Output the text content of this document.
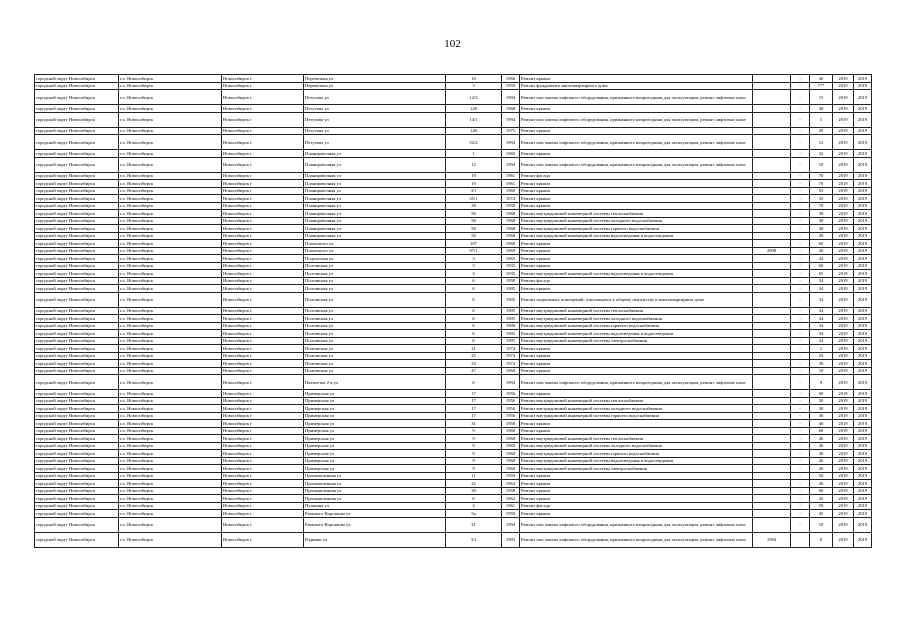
102
городской округ Новосибирск	г.о. Новосибирск	Новосибирск г	Перевозная ул	16	1966	Ремонт крыши		-	40	2019	2019
городской округ Новосибирск	г.о. Новосибирск	Новосибирск г	Перевозная ул	3	1959	Ремонт фундамента многоквартирного дома		-	77*	2019	2019
городской округ Новосибирск	г.о. Новосибирск	Новосибирск г	Петухова ул	12/3	1994	Ремонт или замена лифтового оборудования, признанного непригодным для эксплуатации, ремонт лифтовых шахт		-	15	2019	2019
городской округ Новосибирск	г.о. Новосибирск	Новосибирск г	Петухова ул	126	1968	Ремонт крыши		-	38	2019	2019
городской округ Новосибирск	г.о. Новосибирск	Новосибирск г	Петухова ул	14/1	1994	Ремонт или замена лифтового оборудования, признанного непригодным для эксплуатации, ремонт лифтовых шахт		-	5	2019	2019
городской округ Новосибирск	г.о. Новосибирск	Новосибирск г	Петухова ул	140	1975	Ремонт крыши		-	29	2019	2019
городской округ Новосибирск	г.о. Новосибирск	Новосибирск г	Петухова ул	52/2	1994	Ремонт или замена лифтового оборудования, признанного непригодным для эксплуатации, ремонт лифтовых шахт		-	12	2019	2019
городской округ Новосибирск	г.о. Новосибирск	Новосибирск г	Планировочная ул	1	1969	Ремонт крыши		-	32	2019	2019
городской округ Новосибирск	г.о. Новосибирск	Новосибирск г	Планировочная ул	12	1994	Ремонт или замена лифтового оборудования, признанного непригодным для эксплуатации, ремонт лифтовых шахт		-	10	2019	2019
городской округ Новосибирск	г.о. Новосибирск	Новосибирск г	Планировочная ул	19	1961	Ремонт фасада		-	70	2019	2019
городской округ Новосибирск	г.о. Новосибирск	Новосибирск г	Планировочная ул	19	1961	Ремонт крыши		-	70	2019	2019
городской округ Новосибирск	г.о. Новосибирск	Новосибирск г	Планировочная ул	3/1	1960	Ремонт крыши		-	55	2019	2019
городской округ Новосибирск	г.о. Новосибирск	Новосибирск г	Планировочная ул	35/1	1974	Ремонт крыши		-	35	2019	2019
городской округ Новосибирск	г.о. Новосибирск	Новосибирск г	Планировочная ул	38	1958	Ремонт крыши		-	70	2019	2019
городской округ Новосибирск	г.о. Новосибирск	Новосибирск г	Планировочная ул	56	1968	Ремонт внутридомовой инженерной системы теплоснабжения		-	38	2019	2019
городской округ Новосибирск	г.о. Новосибирск	Новосибирск г	Планировочная ул	56	1968	Ремонт внутридомовой инженерной системы холодного водоснабжения		-	38	2019	2019
городской округ Новосибирск	г.о. Новосибирск	Новосибирск г	Планировочная ул	58	1968	Ремонт внутридомовой инженерной системы горячего водоснабжения		-	38	2019	2019
городской округ Новосибирск	г.о. Новосибирск	Новосибирск г	Планировочная ул	56	1968	Ремонт внутридомовой инженерной системы водоотведения и водоотведения		-	38	2019	2019
городской округ Новосибирск	г.о. Новосибирск	Новосибирск г	Плахотного ул	107	1968	Ремонт крыши		-	60	2019	2019
городской округ Новосибирск	г.о. Новосибирск	Новосибирск г	Плахотного ул	97/1	1969	Ремонт крыши	2008	-	20	2019	2019
городской округ Новосибирск	г.о. Новосибирск	Новосибирск г	Подольская ул	3	1965	Ремонт крыши		-	44	2019	2019
городской округ Новосибирск	г.о. Новосибирск	Новосибирск г	Полтавская ул	3	1935	Ремонт крыши		-	60	2019	2019
городской округ Новосибирск	г.о. Новосибирск	Новосибирск г	Полтавская ул	3	1935	Ремонт внутридомовой инженерной системы водоотведения и водоотведения		-	65	2019	2019
городской округ Новосибирск	г.о. Новосибирск	Новосибирск г	Полтавская ул	6	1958	Ремонт фасада		-	34	2019	2019
городской округ Новосибирск	г.о. Новосибирск	Новосибирск г	Полтавская ул	6	1905	Ремонт крыши		-	34	2019	2019
городской округ Новосибирск	г.о. Новосибирск	Новосибирск г	Полтавская ул	6	1905	Ремонт подвальных помещений, относящихся к общему имуществу в многоквартирном доме		-	34	2019	2019
городской округ Новосибирск	г.о. Новосибирск	Новосибирск г	Полтавская ул	6	1905	Ремонт внутридомовой инженерной системы теплоснабжения		-	34	2019	2019
городской округ Новосибирск	г.о. Новосибирск	Новосибирск г	Полтавская ул	6	1905	Ремонт внутридомовой инженерной системы холодного водоснабжения		-	34	2019	2019
городской округ Новосибирск	г.о. Новосибирск	Новосибирск г	Полтавская ул	6	1906	Ремонт внутридомовой инженерной системы горячего водоснабжения		-	34	2019	2019
городской округ Новосибирск	г.о. Новосибирск	Новосибирск г	Полтавская ул	6	1905	Ремонт внутридомовой инженерной системы водоотведения и водоотведения		-	34	2019	2019
городской округ Новосибирск	г.о. Новосибирск	Новосибирск г	Полтавская ул	6	1905	Ремонт внутридомовой инженерной системы электроснабжения		-	34	2019	2019
городской округ Новосибирск	г.о. Новосибирск	Новосибирск г	Почтовская ул	21	1974	Ремонт крыши		-	1	2019	2019
городской округ Новосибирск	г.о. Новосибирск	Новосибирск г	Почтовская ул	25	1974	Ремонт крыши		-	25	2019	2019
городской округ Новосибирск	г.о. Новосибирск	Новосибирск г	Почтовская ул	33	1974	Ремонт крыши		-	30	2019	2019
городской округ Новосибирск	г.о. Новосибирск	Новосибирск г	Почтовская ул	47	1960	Ремонт крыши		-	10	2019	2019
городской округ Новосибирск	г.о. Новосибирск	Новосибирск г	Пятилетка 2-я ул	6	1994	Ремонт или замена лифтового оборудования, признанного непригодным для эксплуатации, ремонт лифтовых шахт		-	9	2019	2019
городской округ Новосибирск	г.о. Новосибирск	Новосибирск г	Примерская ул	17	1956	Ремонт крыши		-	60	2019	2019
городской округ Новосибирск	г.о. Новосибирск	Новосибирск г	Примерская ул	17	1956	Ремонт внутридомовой инженерной системы теплоснабжения		-	30	2019	2019
городской округ Новосибирск	г.о. Новосибирск	Новосибирск г	Примерская ул	17	1956	Ремонт внутридомовой инженерной системы холодного водоснабжения		-	30	2019	2019
городской округ Новосибирск	г.о. Новосибирск	Новосибирск г	Примерская ул	17	1956	Ремонт внутридомовой инженерной системы горячего водоснабжения		-	30	2019	2019
городской округ Новосибирск	г.о. Новосибирск	Новосибирск г	Примерская ул	31	1958	Ремонт крыши		-	40	2019	2019
городской округ Новосибирск	г.о. Новосибирск	Новосибирск г	Примерская ул	9	1960	Ремонт крыши		-	60	2019	2019
городской округ Новосибирск	г.о. Новосибирск	Новосибирск г	Примерская ул	9	1960	Ремонт внутридомовой инженерной системы теплоснабжения		-	26	2019	2019
городской округ Новосибирск	г.о. Новосибирск	Новосибирск г	Примерская ул	9	1960	Ремонт внутридомовой инженерной системы холодного водоснабжения		-	26	2019	2019
городской округ Новосибирск	г.о. Новосибирск	Новосибирск г	Примерская ул	9	1960	Ремонт внутридомовой инженерной системы горячего водоснабжения		-	26	2019	2019
городской округ Новосибирск	г.о. Новосибирск	Новосибирск г	Примерская ул	9	1960	Ремонт внутридомовой инженерной системы водоотведения и водоотведения		-	26	2019	2019
городской округ Новосибирск	г.о. Новосибирск	Новосибирск г	Примерская ул	9	1960	Ремонт внутридомовой инженерной системы электроснабжения		-	26	2019	2019
городской округ Новосибирск	г.о. Новосибирск	Новосибирск г	Промышленная ул	11	1959	Ремонт крыши		-	50	2019	2019
городской округ Новосибирск	г.о. Новосибирск	Новосибирск г	Промышленная ул	22	1964	Ремонт крыши		-	40	2019	2019
городской округ Новосибирск	г.о. Новосибирск	Новосибирск г	Промышленная ул	30	1958	Ремонт крыши		-	60	2019	2019
городской округ Новосибирск	г.о. Новосибирск	Новосибирск г	Промышленная ул	6	1962	Ремонт крыши		-	45	2019	2019
городской округ Новосибирск	г.о. Новосибирск	Новосибирск г	Пушкина ул	4	1961	Ремонт фасада		-	50	2019	2019
городской округ Новосибирск	г.о. Новосибирск	Новосибирск г	Римского-Корсакова ул	5а	1959	Ремонт крыши		-	45	2019	2019
городской округ Новосибирск	г.о. Новосибирск	Новосибирск г	Римского-Корсакова ул	21	1994	Ремонт или замена лифтового оборудования, признанного непригодным для эксплуатации, ремонт лифтовых шахт		-	10	2019	2019
городской округ Новосибирск	г.о. Новосибирск	Новосибирск г	Родники ул	3/1	1993	Ремонт или замена лифтового оборудования, признанного непригодным для эксплуатации, ремонт лифтовых шахт	1994		0	2019	2019
